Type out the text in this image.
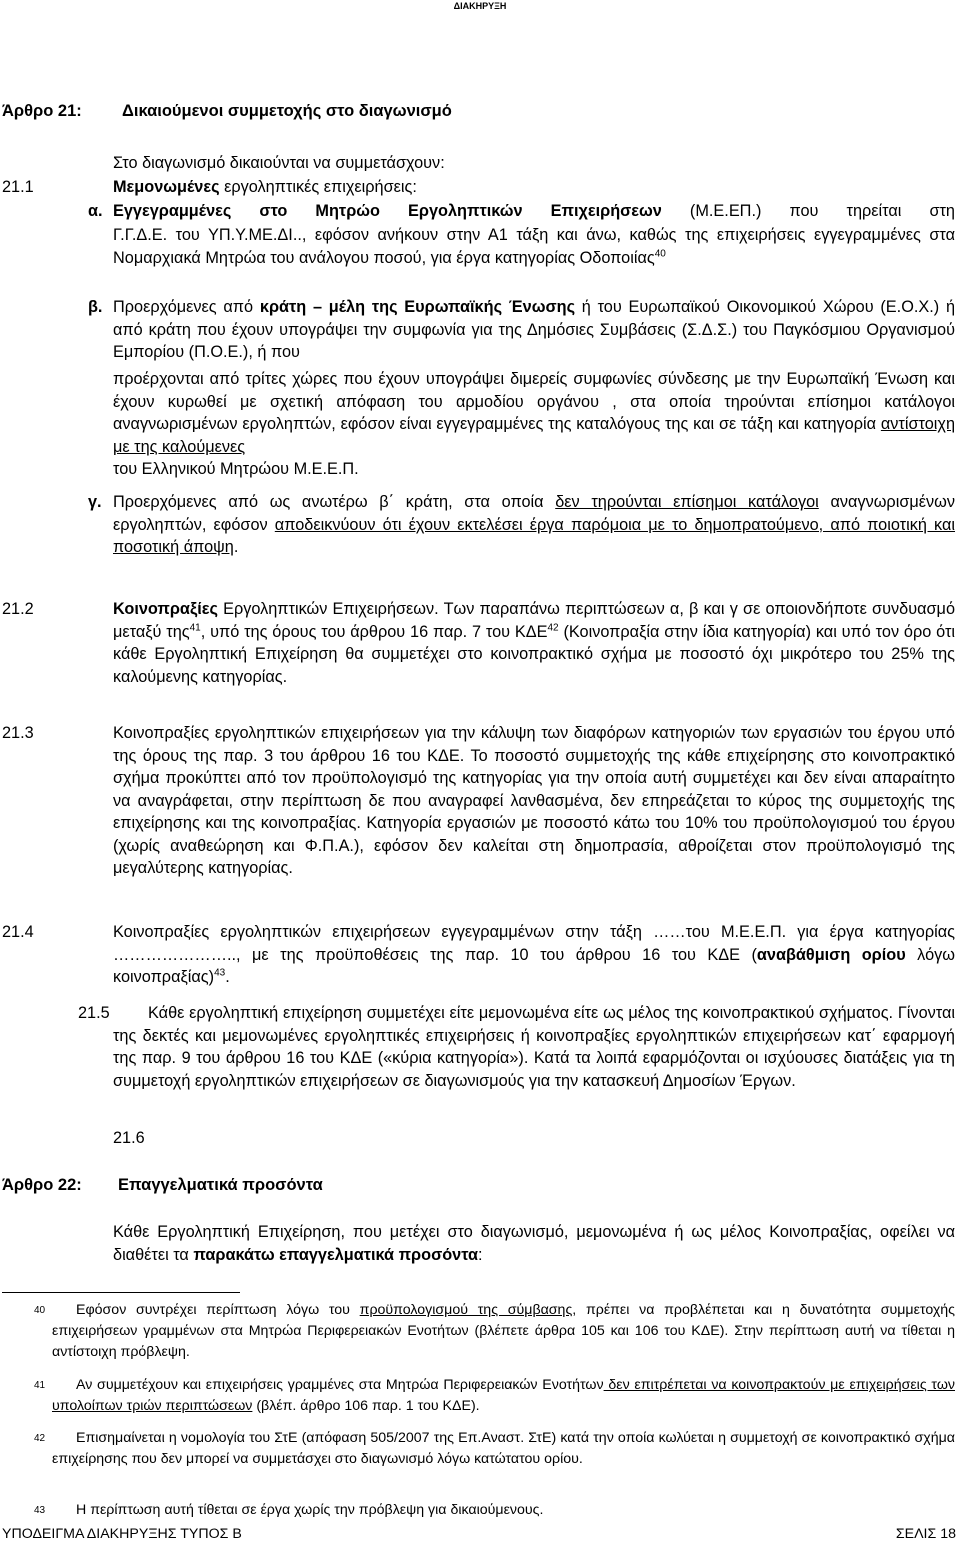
ΔΙΑΚΗΡΥΞΗ
Άρθρο 21: Δικαιούμενοι συμμετοχής στο διαγωνισμό
Στο διαγωνισμό δικαιούνται να συμμετάσχουν:
21.1	Μεμονωμένες εργοληπτικές επιχειρήσεις:
α. Εγγεγραμμένες στο Μητρώο Εργοληπτικών Επιχειρήσεων (Μ.Ε.ΕΠ.) που τηρείται στη
Γ.Γ.Δ.Ε. του ΥΠ.Υ.ΜΕ.ΔΙ.., εφόσον ανήκουν στην Α1 τάξη και άνω, καθώς της επιχειρήσεις εγγεγραμμένες στα Νομαρχιακά Μητρώα του ανάλογου ποσού, για έργα κατηγορίας Οδοποιίας$^{40}$
β. Προερχόμενες από κράτη – μέλη της Ευρωπαϊκής Ένωσης ή του Ευρωπαϊκού Οικονομικού Χώρου (Ε.Ο.Χ.) ή από κράτη που έχουν υπογράψει την συμφωνία για της Δημόσιες Συμβάσεις (Σ.Δ.Σ.) του Παγκόσμιου Οργανισμού Εμπορίου (Π.Ο.Ε.), ή που
προέρχονται από τρίτες χώρες που έχουν υπογράψει διμερείς συμφωνίες σύνδεσης με την Ευρωπαϊκή Ένωση και έχουν κυρωθεί με σχετική απόφαση του αρμοδίου οργάνου , στα οποία τηρούνται επίσημοι κατάλογοι αναγνωρισμένων εργοληπτών, εφόσον είναι εγγεγραμμένες της καταλόγους της και σε τάξη και κατηγορία αντίστοιχη με της καλούμενες
του Ελληνικού Μητρώου Μ.Ε.Ε.Π.
γ. Προερχόμενες από ως ανωτέρω β΄ κράτη, στα οποία δεν τηρούνται επίσημοι κατάλογοι αναγνωρισμένων εργοληπτών, εφόσον αποδεικνύουν ότι έχουν εκτελέσει έργα παρόμοια με το δημοπρατούμενο, από ποιοτική και ποσοτική άποψη.
21.2	Κοινοπραξίες Εργοληπτικών Επιχειρήσεων. Των παραπάνω περιπτώσεων α, β και γ σε οποιονδήποτε συνδυασμό μεταξύ της$^{41}$, υπό της όρους του άρθρου 16 παρ. 7 του ΚΔΕ$^{42}$ (Κοινοπραξία στην ίδια κατηγορία) και υπό τον όρο ότι κάθε Εργοληπτική Επιχείρηση θα συμμετέχει στο κοινοπρακτικό σχήμα με ποσοστό όχι μικρότερο του 25% της καλούμενης κατηγορίας.
21.3	Κοινοπραξίες εργοληπτικών επιχειρήσεων για την κάλυψη των διαφόρων κατηγοριών των εργασιών του έργου υπό της όρους της παρ. 3 του άρθρου 16 του ΚΔΕ. Το ποσοστό συμμετοχής της κάθε επιχείρησης στο κοινοπρακτικό σχήμα προκύπτει από τον προϋπολογισμό της κατηγορίας για την οποία αυτή συμμετέχει και δεν είναι απαραίτητο να αναγράφεται, στην περίπτωση δε που αναγραφεί λανθασμένα, δεν επηρεάζεται το κύρος της συμμετοχής της επιχείρησης και της κοινοπραξίας. Κατηγορία εργασιών με ποσοστό κάτω του 10% του προϋπολογισμού του έργου (χωρίς αναθεώρηση και Φ.Π.Α.), εφόσον δεν καλείται στη δημοπρασία, αθροίζεται στον προϋπολογισμό της μεγαλύτερης κατηγορίας.
21.4	Κοινοπραξίες εργοληπτικών επιχειρήσεων εγγεγραμμένων στην τάξη ……του Μ.Ε.Ε.Π. για έργα κατηγορίας ………………….., με της προϋποθέσεις της παρ. 10 του άρθρου 16 του ΚΔΕ (αναβάθμιση ορίου λόγω κοινοπραξίας)$^{43}$.
21.5	Κάθε εργοληπτική επιχείρηση συμμετέχει είτε μεμονωμένα είτε ως μέλος της κοινοπρακτικού σχήματος. Γίνονται της δεκτές και μεμονωμένες εργοληπτικές επιχειρήσεις ή κοινοπραξίες εργοληπτικών επιχειρήσεων κατ΄ εφαρμογή της παρ. 9 του άρθρου 16 του ΚΔΕ («κύρια κατηγορία»). Κατά τα λοιπά εφαρμόζονται οι ισχύουσες διατάξεις για τη συμμετοχή εργοληπτικών επιχειρήσεων σε διαγωνισμούς για την κατασκευή Δημοσίων Έργων.
21.6
Άρθρο 22: Επαγγελματικά προσόντα
Κάθε Εργοληπτική Επιχείρηση, που μετέχει στο διαγωνισμό, μεμονωμένα ή ως μέλος Κοινοπραξίας, οφείλει να διαθέτει τα παρακάτω επαγγελματικά προσόντα:
40	Εφόσον συντρέχει περίπτωση λόγω του προϋπολογισμού της σύμβασης, πρέπει να προβλέπεται και η δυνατότητα συμμετοχής επιχειρήσεων γραμμένων στα Μητρώα Περιφερειακών Ενοτήτων (βλέπετε άρθρα 105 και 106 του ΚΔΕ). Στην περίπτωση αυτή να τίθεται η αντίστοιχη πρόβλεψη.
41	Αν συμμετέχουν και επιχειρήσεις γραμμένες στα Μητρώα Περιφερειακών Ενοτήτων δεν επιτρέπεται να κοινοπρακτούν με επιχειρήσεις των υπολοίπων τριών περιπτώσεων (βλέπ. άρθρο 106 παρ. 1 του ΚΔΕ).
42	Επισημαίνεται η νομολογία του ΣτΕ (απόφαση 505/2007 της Επ.Αναστ. ΣτΕ) κατά την οποία κωλύεται η συμμετοχή σε κοινοπρακτικό σχήμα επιχείρησης που δεν μπορεί να συμμετάσχει στο διαγωνισμό λόγω κατώτατου ορίου.
43	Η περίπτωση αυτή τίθεται σε έργα χωρίς την πρόβλεψη για δικαιούμενους.
ΥΠΟΔΕΙΓΜΑ ΔΙΑΚΗΡΥΞΗΣ ΤΥΠΟΣ Β	ΣΕΛΙΣ 18
